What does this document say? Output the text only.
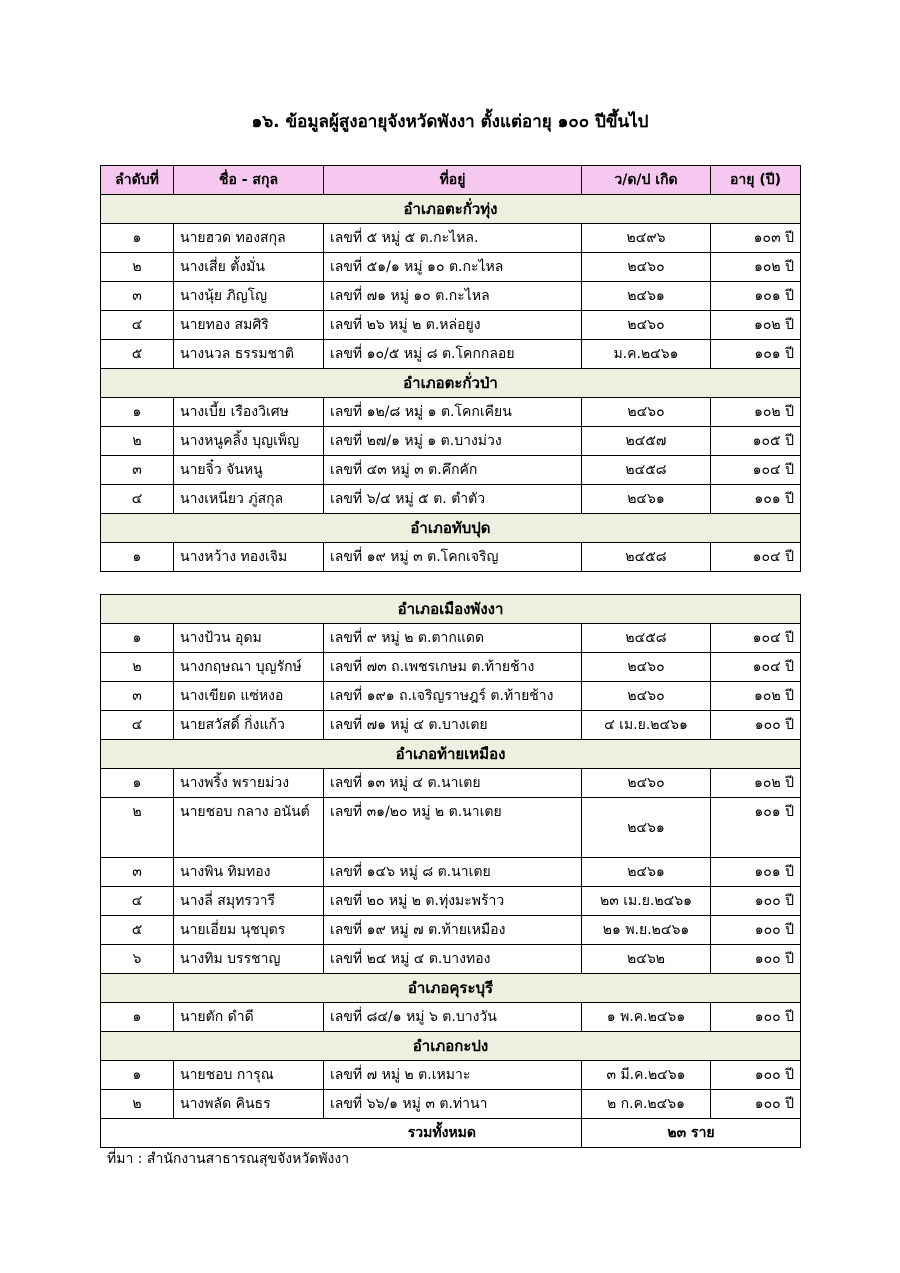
๑๖. ข้อมูลผู้สูงอายุจังหวัดพังงา ตั้งแต่อายุ ๑๐๐ ปีขึ้นไป
ลำดับที่	ชื่อ - สกุล	ที่อยู่	ว/ด/ป เกิด	อายุ (ปี)
อำเภอตะกั่วทุ่ง				
๑	นายฮวด ทองสกุล	เลขที่ ๕ หมู่ ๕ ต.กะไหล.	๒๔๙๖	๑๐๓ ปี
๒	นางเสี่ย ตั้งมั่น	เลขที่ ๕๑/๑ หมู่ ๑๐ ต.กะไหล	๒๔๖๐	๑๐๒ ปี
๓	นางนุ้ย ภิญโญ	เลขที่ ๗๑ หมู่ ๑๐ ต.กะไหล	๒๔๖๑	๑๐๑ ปี
๔	นายทอง สมศิริ	เลขที่ ๒๖ หมู่ ๒ ต.หล่อยูง	๒๔๖๐	๑๐๒ ปี
๕	นางนวล ธรรมชาติ	เลขที่ ๑๐/๕ หมู่ ๘ ต.โคกกลอย	ม.ค.๒๔๖๑	๑๐๑ ปี
อำเภอตะกั่วป่า				
๑	นางเบี้ย เรืองวิเศษ	เลขที่ ๑๒/๘ หมู่ ๑ ต.โคกเคียน	๒๔๖๐	๑๐๒ ปี
๒	นางหนูคลิ้ง บุญเพ็ญ	เลขที่ ๒๗/๑ หมู่ ๑ ต.บางม่วง	๒๔๕๗	๑๐๕ ปี
๓	นายจิ๋ว จันหนู	เลขที่ ๔๓ หมู่ ๓ ต.คึกคัก	๒๔๕๘	๑๐๔ ปี
๔	นางเหนียว ภู่สกุล	เลขที่ ๖/๔ หมู่ ๕ ต. ตำตัว	๒๔๖๑	๑๐๑ ปี
อำเภอทับปุด				
๑	นางหว้าง ทองเจิม	เลขที่ ๑๙ หมู่ ๓ ต.โคกเจริญ	๒๔๕๘	๑๐๔ ปี
อำเภอเมืองพังงา				
๑	นางป้วน อุดม	เลขที่ ๙ หมู่ ๒ ต.ตากแดด	๒๔๕๘	๑๐๔ ปี
๒	นางกฤษณา บุญรักษ์	เลขที่ ๗๓ ถ.เพชรเกษม ต.ท้ายช้าง	๒๔๖๐	๑๐๔ ปี
๓	นางเขียด แซ่หงอ	เลขที่ ๑๙๑ ถ.เจริญราษฎร์ ต.ท้ายช้าง	๒๔๖๐	๑๐๒ ปี
๔	นายสวัสดิ์ กิ่งแก้ว	เลขที่ ๗๑ หมู่ ๔ ต.บางเตย	๔ เม.ย.๒๔๖๑	๑๐๐ ปี
อำเภอท้ายเหมือง				
๑	นางพริ้ง พรายม่วง	เลขที่ ๑๓ หมู่ ๔ ต.นาเตย	๒๔๖๐	๑๐๒ ปี
๒	นายชอบ กลาง อนันต์	เลขที่ ๓๑/๒๐ หมู่ ๒ ต.นาเตย	๒๔๖๑	๑๐๑ ปี
๓	นางพิน ทิมทอง	เลขที่ ๑๔๖ หมู่ ๘ ต.นาเตย	๒๔๖๑	๑๐๑ ปี
๔	นางลี่ สมุทรวารี	เลขที่ ๒๐ หมู่ ๒ ต.ทุ่งมะพร้าว	๒๓ เม.ย.๒๔๖๑	๑๐๐ ปี
๕	นายเอี่ยม นุชบุตร	เลขที่ ๑๙ หมู่ ๗ ต.ท้ายเหมือง	๒๑ พ.ย.๒๔๖๑	๑๐๐ ปี
๖	นางทิม บรรชาญ	เลขที่ ๒๔ หมู่ ๔ ต.บางทอง	๒๔๖๒	๑๐๐ ปี
อำเภอคุระบุรี				
๑	นายตัก ดำดี	เลขที่ ๘๔/๑ หมู่ ๖ ต.บางวัน	๑ พ.ค.๒๔๖๑	๑๐๐ ปี
อำเภอกะปง				
๑	นายชอบ การุณ	เลขที่ ๗ หมู่ ๒ ต.เหมาะ	๓ มี.ค.๒๔๖๑	๑๐๐ ปี
๒	นางพลัด คินธร	เลขที่ ๖๖/๑ หมู่ ๓ ต.ท่านา	๒ ก.ค.๒๔๖๑	๑๐๐ ปี
รวมทั้งหมด			๒๓ ราย	
ที่มา : สำนักงานสาธารณสุขจังหวัดพังงา
